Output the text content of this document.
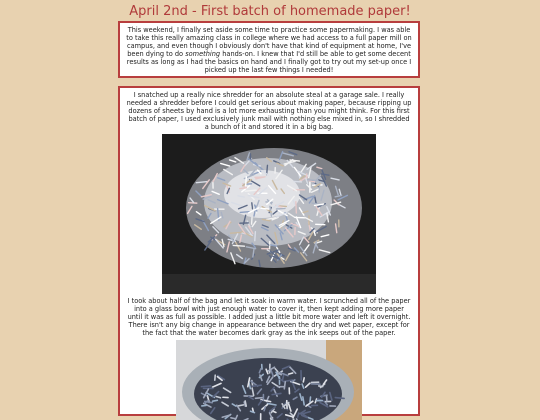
April 2nd - First batch of homemade paper!

This weekend, I finally set aside some time to practice some papermaking. I was able to take this really amazing class in college where we had access to a full paper mill on campus, and even though I obviously don't have that kind of equipment at home, I've been dying to do something hands-on. I knew that I'd still be able to get some decent results as long as I had the basics on hand and I finally got to try out my set-up once I picked up the last few things I needed!

I snatched up a really nice shredder for an absolute steal at a garage sale. I really needed a shredder before I could get serious about making paper, because ripping up dozens of sheets by hand is a lot more exhausting than you might think. For this first batch of paper, I used exclusively junk mail with nothing else mixed in, so I shredded a bunch of it and stored it in a big bag.

I took about half of the bag and let it soak in warm water. I scrunched all of the paper into a glass bowl with just enough water to cover it, then kept adding more paper until it was as full as possible. I added just a little bit more water and left it overnight. There isn't any big change in appearance between the dry and wet paper, except for the fact that the water becomes dark gray as the ink seeps out of the paper.
